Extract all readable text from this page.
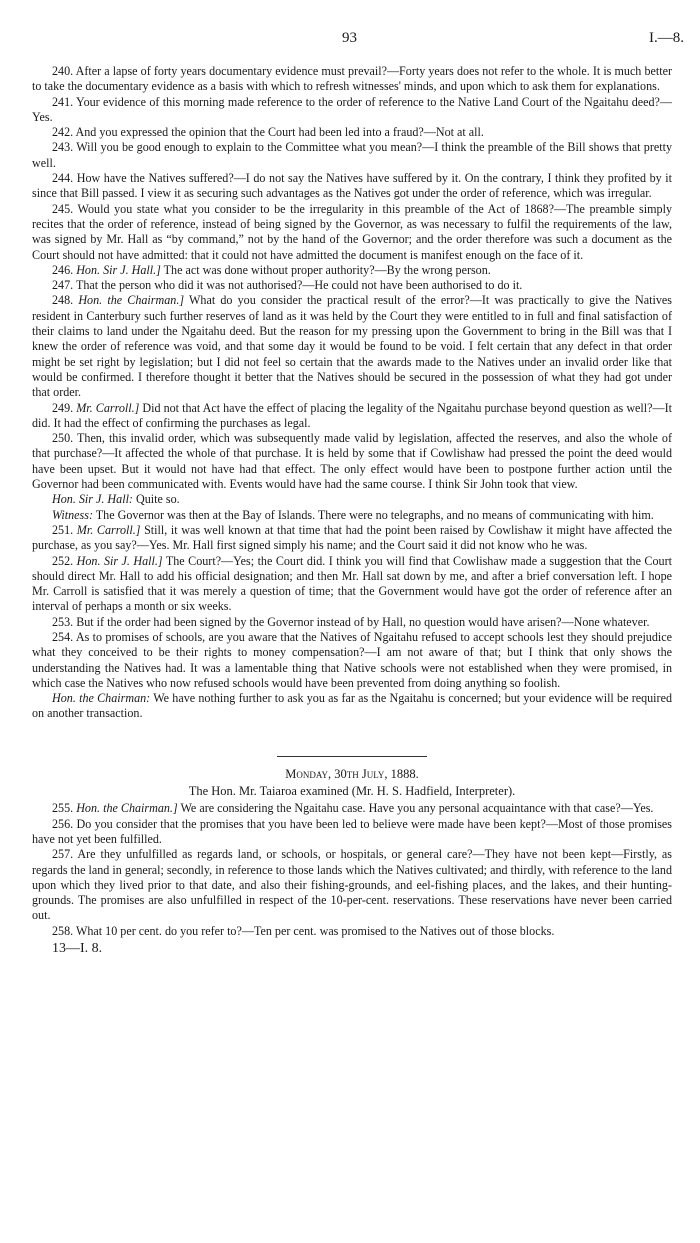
93	I.—8.

240. After a lapse of forty years documentary evidence must prevail?—Forty years does not refer to the whole. It is much better to take the documentary evidence as a basis with which to refresh witnesses' minds, and upon which to ask them for explanations.

241. Your evidence of this morning made reference to the order of reference to the Native Land Court of the Ngaitahu deed?—Yes.

242. And you expressed the opinion that the Court had been led into a fraud?—Not at all.

243. Will you be good enough to explain to the Committee what you mean?—I think the preamble of the Bill shows that pretty well.

244. How have the Natives suffered?—I do not say the Natives have suffered by it. On the contrary, I think they profited by it since that Bill passed. I view it as securing such advantages as the Natives got under the order of reference, which was irregular.

245. Would you state what you consider to be the irregularity in this preamble of the Act of 1868?—The preamble simply recites that the order of reference, instead of being signed by the Governor, as was necessary to fulfil the requirements of the law, was signed by Mr. Hall as “by command,” not by the hand of the Governor; and the order therefore was such a document as the Court should not have admitted: that it could not have admitted the document is manifest enough on the face of it.

246. Hon. Sir J. Hall.] The act was done without proper authority?—By the wrong person.

247. That the person who did it was not authorised?—He could not have been authorised to do it.

248. Hon. the Chairman.] What do you consider the practical result of the error?—It was practically to give the Natives resident in Canterbury such further reserves of land as it was held by the Court they were entitled to in full and final satisfaction of their claims to land under the Ngaitahu deed. But the reason for my pressing upon the Government to bring in the Bill was that I knew the order of reference was void, and that some day it would be found to be void. I felt certain that any defect in that order might be set right by legislation; but I did not feel so certain that the awards made to the Natives under an invalid order like that would be confirmed. I therefore thought it better that the Natives should be secured in the possession of what they had got under that order.

249. Mr. Carroll.] Did not that Act have the effect of placing the legality of the Ngaitahu purchase beyond question as well?—It did. It had the effect of confirming the purchases as legal.

250. Then, this invalid order, which was subsequently made valid by legislation, affected the reserves, and also the whole of that purchase?—It affected the whole of that purchase. It is held by some that if Cowlishaw had pressed the point the deed would have been upset. But it would not have had that effect. The only effect would have been to postpone further action until the Governor had been communicated with. Events would have had the same course. I think Sir John took that view.

Hon. Sir J. Hall: Quite so.

Witness: The Governor was then at the Bay of Islands. There were no telegraphs, and no means of communicating with him.

251. Mr. Carroll.] Still, it was well known at that time that had the point been raised by Cowlishaw it might have affected the purchase, as you say?—Yes. Mr. Hall first signed simply his name; and the Court said it did not know who he was.

252. Hon. Sir J. Hall.] The Court?—Yes; the Court did. I think you will find that Cowlishaw made a suggestion that the Court should direct Mr. Hall to add his official designation; and then Mr. Hall sat down by me, and after a brief conversation left. I hope Mr. Carroll is satisfied that it was merely a question of time; that the Government would have got the order of reference after an interval of perhaps a month or six weeks.

253. But if the order had been signed by the Governor instead of by Hall, no question would have arisen?—None whatever.

254. As to promises of schools, are you aware that the Natives of Ngaitahu refused to accept schools lest they should prejudice what they conceived to be their rights to money compensation?—I am not aware of that; but I think that only shows the understanding the Natives had. It was a lamentable thing that Native schools were not established when they were promised, in which case the Natives who now refused schools would have been prevented from doing anything so foolish.

Hon. the Chairman: We have nothing further to ask you as far as the Ngaitahu is concerned; but your evidence will be required on another transaction.

Monday, 30th July, 1888.
The Hon. Mr. Taiaroa examined (Mr. H. S. Hadfield, Interpreter).

255. Hon. the Chairman.] We are considering the Ngaitahu case. Have you any personal acquaintance with that case?—Yes.

256. Do you consider that the promises that you have been led to believe were made have been kept?—Most of those promises have not yet been fulfilled.

257. Are they unfulfilled as regards land, or schools, or hospitals, or general care?—They have not been kept—Firstly, as regards the land in general; secondly, in reference to those lands which the Natives cultivated; and thirdly, with reference to the land upon which they lived prior to that date, and also their fishing-grounds, and eel-fishing places, and the lakes, and their hunting-grounds. The promises are also unfulfilled in respect of the 10-per-cent. reservations. These reservations have never been carried out.

258. What 10 per cent. do you refer to?—Ten per cent. was promised to the Natives out of those blocks.

13—I. 8.
